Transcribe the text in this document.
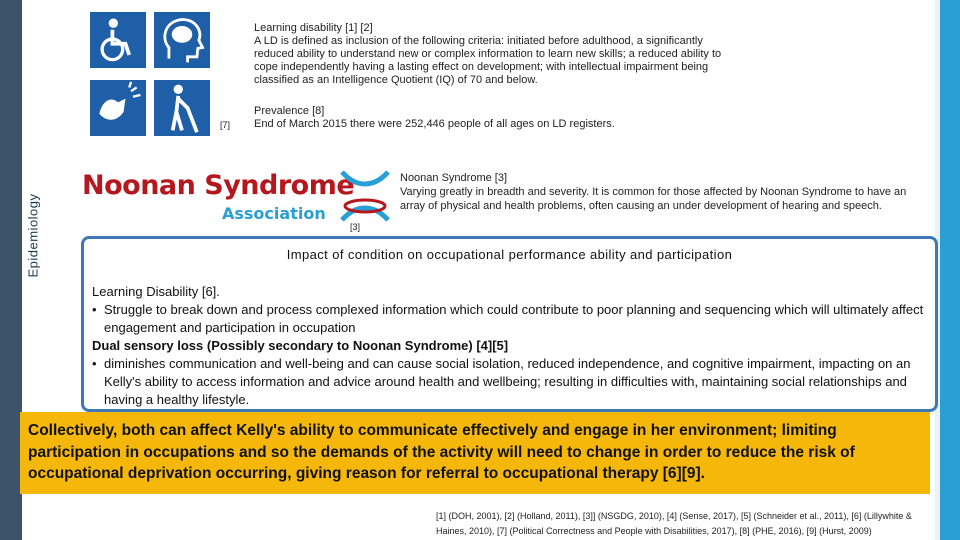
Epidemiology
[7]
Learning disability [1] [2]
A LD is defined as inclusion of the following criteria: initiated before adulthood, a significantly reduced ability to understand new or complex information to learn new skills; a reduced ability to cope independently having a lasting effect on development; with intellectual impairment being classified as an Intelligence Quotient (IQ) of 70 and below.
Prevalence [8]
End of March 2015 there were 252,446 people of all ages on LD registers.
Noonan Syndrome
Association
[3]
Noonan Syndrome [3]
Varying greatly in breadth and severity. It is common for those affected by Noonan Syndrome to have an array of physical and health problems, often causing an under development of hearing and speech.
Impact of condition on occupational performance ability and participation

Learning Disability [6].

• Struggle to break down and process complexed information which could contribute to poor planning and sequencing which will ultimately affect engagement and participation in occupation

Dual sensory loss (Possibly secondary to Noonan Syndrome) [4][5]

• diminishes communication and well-being and can cause social isolation, reduced independence, and cognitive impairment, impacting on an Kelly's ability to access information and advice around health and wellbeing; resulting in difficulties with, maintaining social relationships and having a healthy lifestyle.
Collectively, both can affect Kelly's ability to communicate effectively and engage in her environment; limiting participation in occupations and so the demands of the activity will need to change in order to reduce the risk of occupational deprivation occurring, giving reason for referral to occupational therapy [6][9].
[1] (DOH, 2001), [2] (Holland, 2011), [3]] (NSGDG, 2010), [4] (Sense, 2017), [5] (Schneider et al., 2011), [6] (Lillywhite & Haines, 2010), [7] (Political Correctness and People with Disabilities, 2017), [8] (PHE, 2016), [9] (Hurst, 2009)
